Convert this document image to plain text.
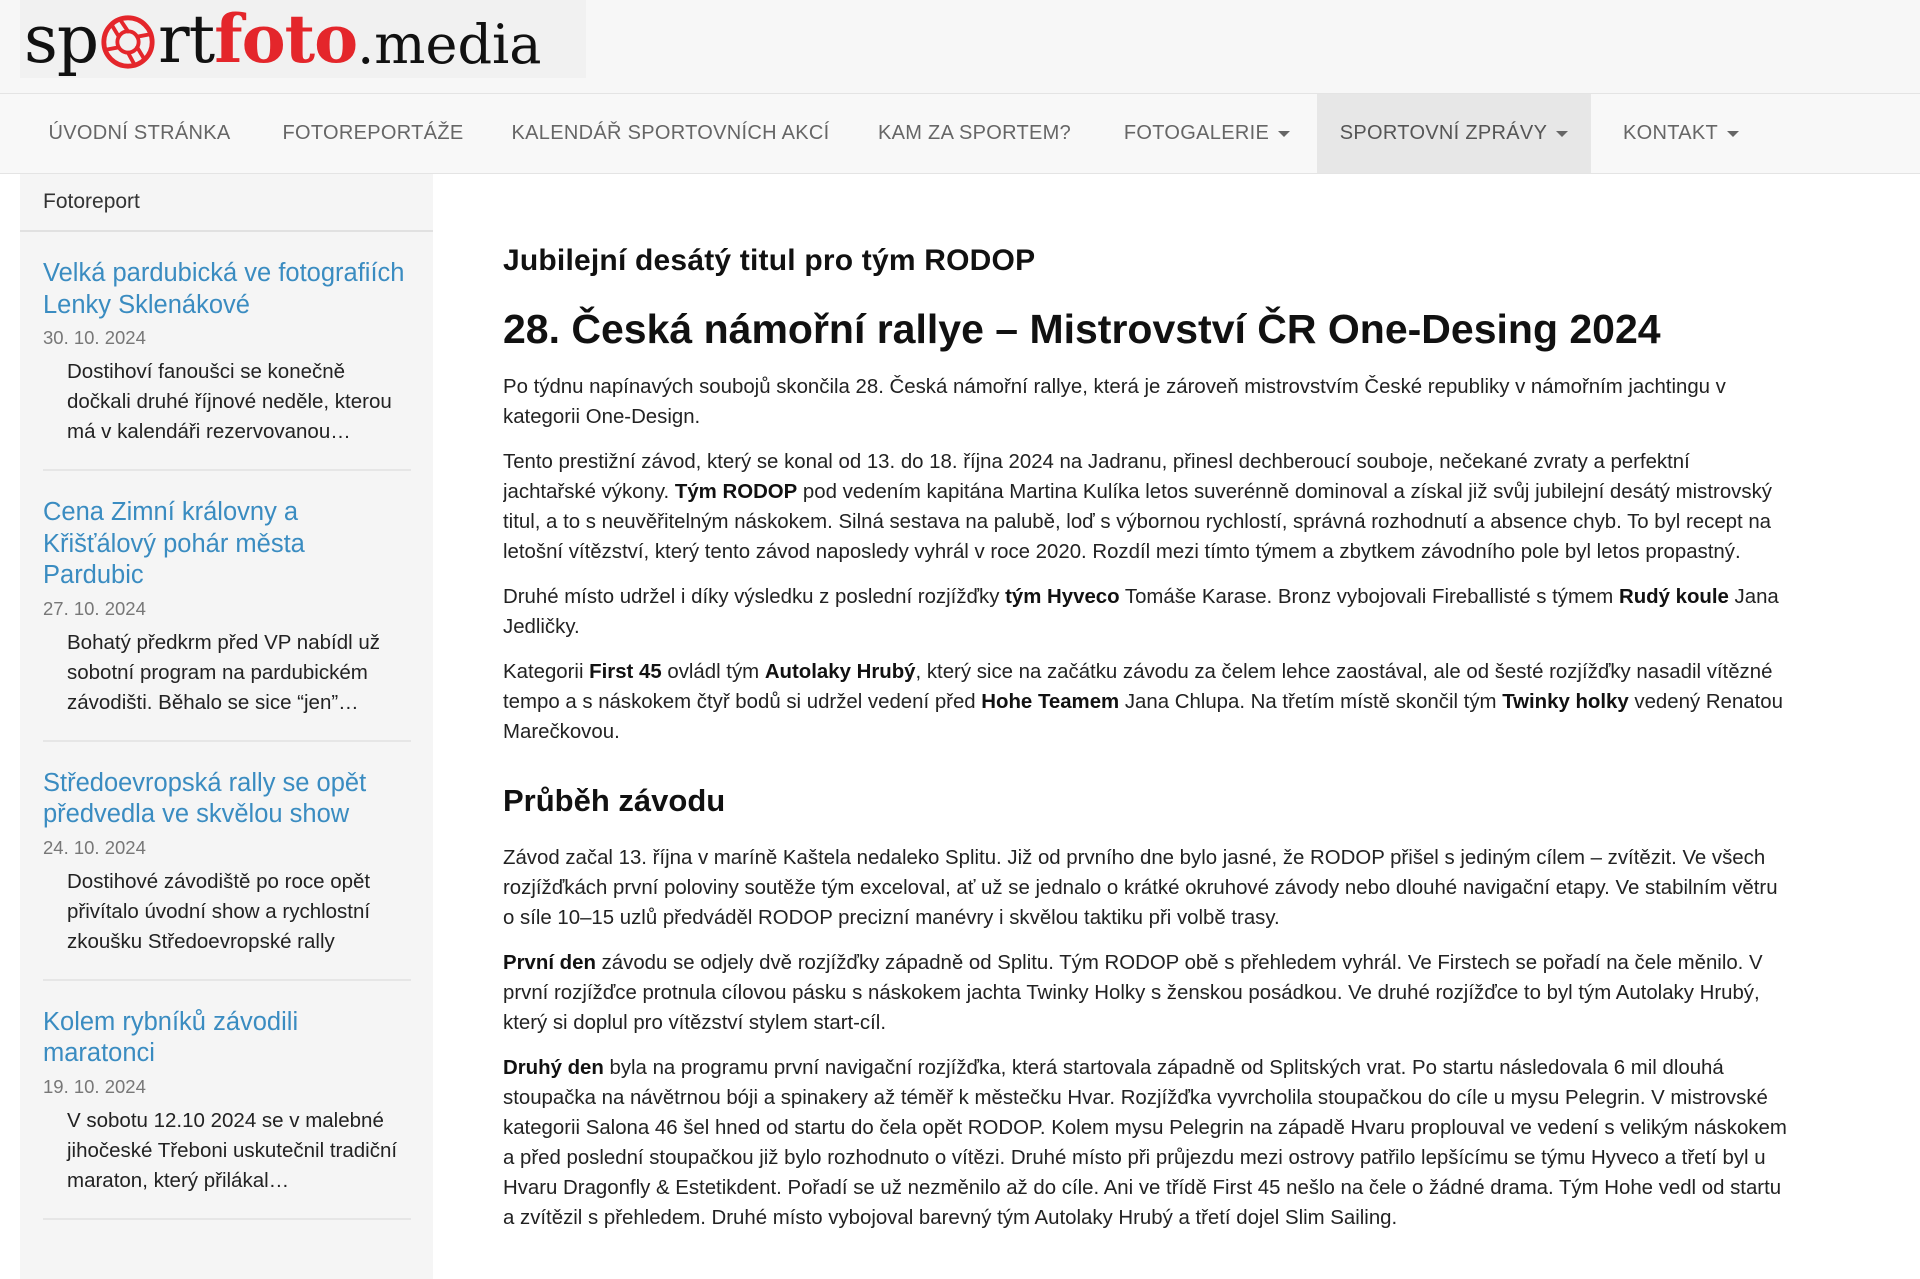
sp rt foto .media
ÚVODNÍ STRÁNKA	FOTOREPORTÁŽE KALENDÁŘ SPORTOVNÍCH AKCÍ KAM ZA SPORTEM?	FOTOGALERIE	SPORTOVNÍ ZPRÁVY	KONTAKT
Fotoreport
Velká pardubická ve fotografiích Lenky Sklenákové
30. 10. 2024
Dostihoví fanoušci se konečně dočkali druhé říjnové neděle, kterou má v kalendáři rezervovanou…
Cena Zimní královny a Křišťálový pohár města Pardubic
27. 10. 2024
Bohatý předkrm před VP nabídl už sobotní program na pardubickém závodišti. Běhalo se sice “jen”…
Středoevropská rally se opět předvedla ve skvělou show
24. 10. 2024
Dostihové závodiště po roce opět přivítalo úvodní show a rychlostní zkoušku Středoevropské rally
Kolem rybníků závodili maratonci
19. 10. 2024
V sobotu 12.10 2024 se v malebné jihočeské Třeboni uskutečnil tradiční maraton, který přilákal…
Jubilejní desátý titul pro tým RODOP
28. Česká námořní rallye – Mistrovství ČR One-Desing 2024

Po týdnu napínavých soubojů skončila 28. Česká námořní rallye, která je zároveň mistrovstvím České republiky v námořním jachtingu v kategorii One-Design.

Tento prestižní závod, který se konal od 13. do 18. října 2024 na Jadranu, přinesl dechberoucí souboje, nečekané zvraty a perfektní jachtařské výkony. Tým RODOP pod vedením kapitána Martina Kulíka letos suverénně dominoval a získal již svůj jubilejní desátý mistrovský titul, a to s neuvěřitelným náskokem. Silná sestava na palubě, loď s výbornou rychlostí, správná rozhodnutí a absence chyb. To byl recept na letošní vítězství, který tento závod naposledy vyhrál v roce 2020. Rozdíl mezi tímto týmem a zbytkem závodního pole byl letos propastný.

Druhé místo udržel i díky výsledku z poslední rozjížďky tým Hyveco Tomáše Karase. Bronz vybojovali Fireballisté s týmem Rudý koule Jana Jedličky.

Kategorii First 45 ovládl tým Autolaky Hrubý, který sice na začátku závodu za čelem lehce zaostával, ale od šesté rozjížďky nasadil vítězné tempo a s náskokem čtyř bodů si udržel vedení před Hohe Teamem Jana Chlupa. Na třetím místě skončil tým Twinky holky vedený Renatou Marečkovou.

Průběh závodu

Závod začal 13. října v maríně Kaštela nedaleko Splitu. Již od prvního dne bylo jasné, že RODOP přišel s jediným cílem – zvítězit. Ve všech rozjížďkách první poloviny soutěže tým exceloval, ať už se jednalo o krátké okruhové závody nebo dlouhé navigační etapy. Ve stabilním větru o síle 10–15 uzlů předváděl RODOP precizní manévry i skvělou taktiku při volbě trasy.

První den závodu se odjely dvě rozjížďky západně od Splitu. Tým RODOP obě s přehledem vyhrál. Ve Firstech se pořadí na čele měnilo. V první rozjížďce protnula cílovou pásku s náskokem jachta Twinky Holky s ženskou posádkou. Ve druhé rozjížďce to byl tým Autolaky Hrubý, který si doplul pro vítězství stylem start-cíl.

Druhý den byla na programu první navigační rozjížďka, která startovala západně od Splitských vrat. Po startu následovala 6 mil dlouhá stoupačka na návětrnou bóji a spinakery až téměř k městečku Hvar. Rozjížďka vyvrcholila stoupačkou do cíle u mysu Pelegrin. V mistrovské kategorii Salona 46 šel hned od startu do čela opět RODOP. Kolem mysu Pelegrin na západě Hvaru proplouval ve vedení s velikým náskokem a před poslední stoupačkou již bylo rozhodnuto o vítězi. Druhé místo při průjezdu mezi ostrovy patřilo lepšícímu se týmu Hyveco a třetí byl u Hvaru Dragonfly & Estetikdent. Pořadí se už nezměnilo až do cíle. Ani ve třídě First 45 nešlo na čele o žádné drama. Tým Hohe vedl od startu a zvítězil s přehledem. Druhé místo vybojoval barevný tým Autolaky Hrubý a třetí dojel Slim Sailing.
